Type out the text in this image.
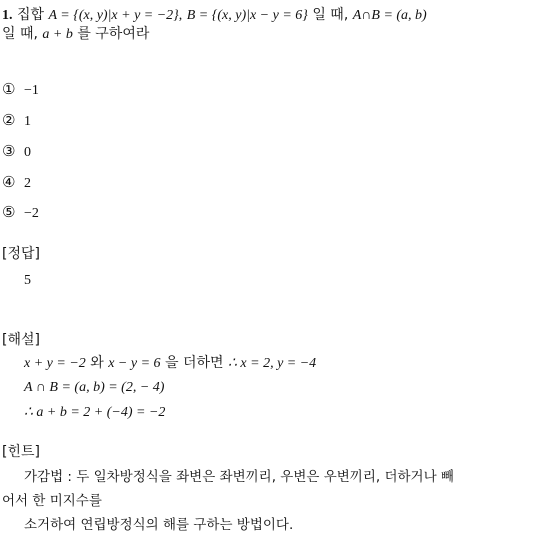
1. 집합 A = {(x, y)|x + y = −2}, B = {(x, y)|x − y = 6} 일 때, A∩B = (a, b)
일 때, a + b 를 구하여라
① −1
② 1
③ 0
④ 2
⑤ −2
[정답]
5
[해설]
x + y = −2 와 x − y = 6 을 더하면 ∴ x = 2, y = −4
A ∩ B = (a, b) = (2, − 4)
∴ a + b = 2 + (−4) = −2
[힌트]
가감법 : 두 일차방정식을 좌변은 좌변끼리, 우변은 우변끼리, 더하거나 빼
어서 한 미지수를
소거하여 연립방정식의 해를 구하는 방법이다.
